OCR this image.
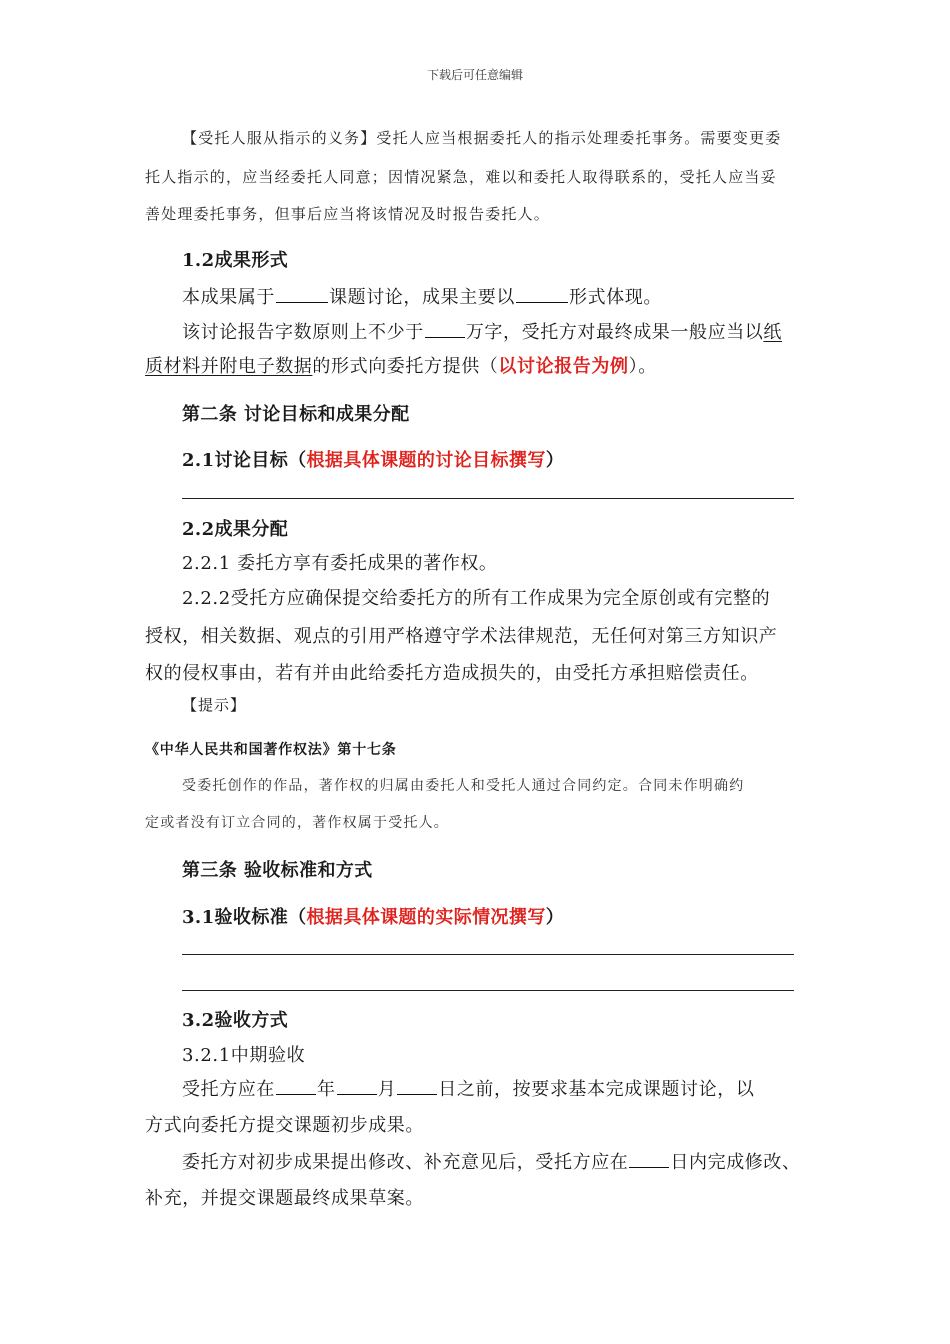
下载后可任意编辑
【受托人服从指示的义务】受托人应当根据委托人的指示处理委托事务。需要变更委
托人指示的，应当经委托人同意；因情况紧急，难以和委托人取得联系的，受托人应当妥
善处理委托事务，但事后应当将该情况及时报告委托人。
1.2成果形式
本成果属于	课题讨论，成果主要以	形式体现。
该讨论报告字数原则上不少于 万字，受托方对最终成果一般应当以纸
质材料并附电子数据的形式向委托方提供（以讨论报告为例）。
第二条 讨论目标和成果分配
2.1讨论目标（根据具体课题的讨论目标撰写）
2.2成果分配
2.2.1 委托方享有委托成果的著作权。
2.2.2受托方应确保提交给委托方的所有工作成果为完全原创或有完整的
授权，相关数据、观点的引用严格遵守学术法律规范，无任何对第三方知识产
权的侵权事由，若有并由此给委托方造成损失的，由受托方承担赔偿责任。
【提示】
《中华人民共和国著作权法》第十七条
受委托创作的作品，著作权的归属由委托人和受托人通过合同约定。合同未作明确约
定或者没有订立合同的，著作权属于受托人。
第三条 验收标准和方式
3.1验收标准（根据具体课题的实际情况撰写）
3.2验收方式
3.2.1中期验收
受托方应在 年 月 日之前，按要求基本完成课题讨论，以
方式向委托方提交课题初步成果。
委托方对初步成果提出修改、补充意见后，受托方应在 日内完成修改、
补充，并提交课题最终成果草案。
